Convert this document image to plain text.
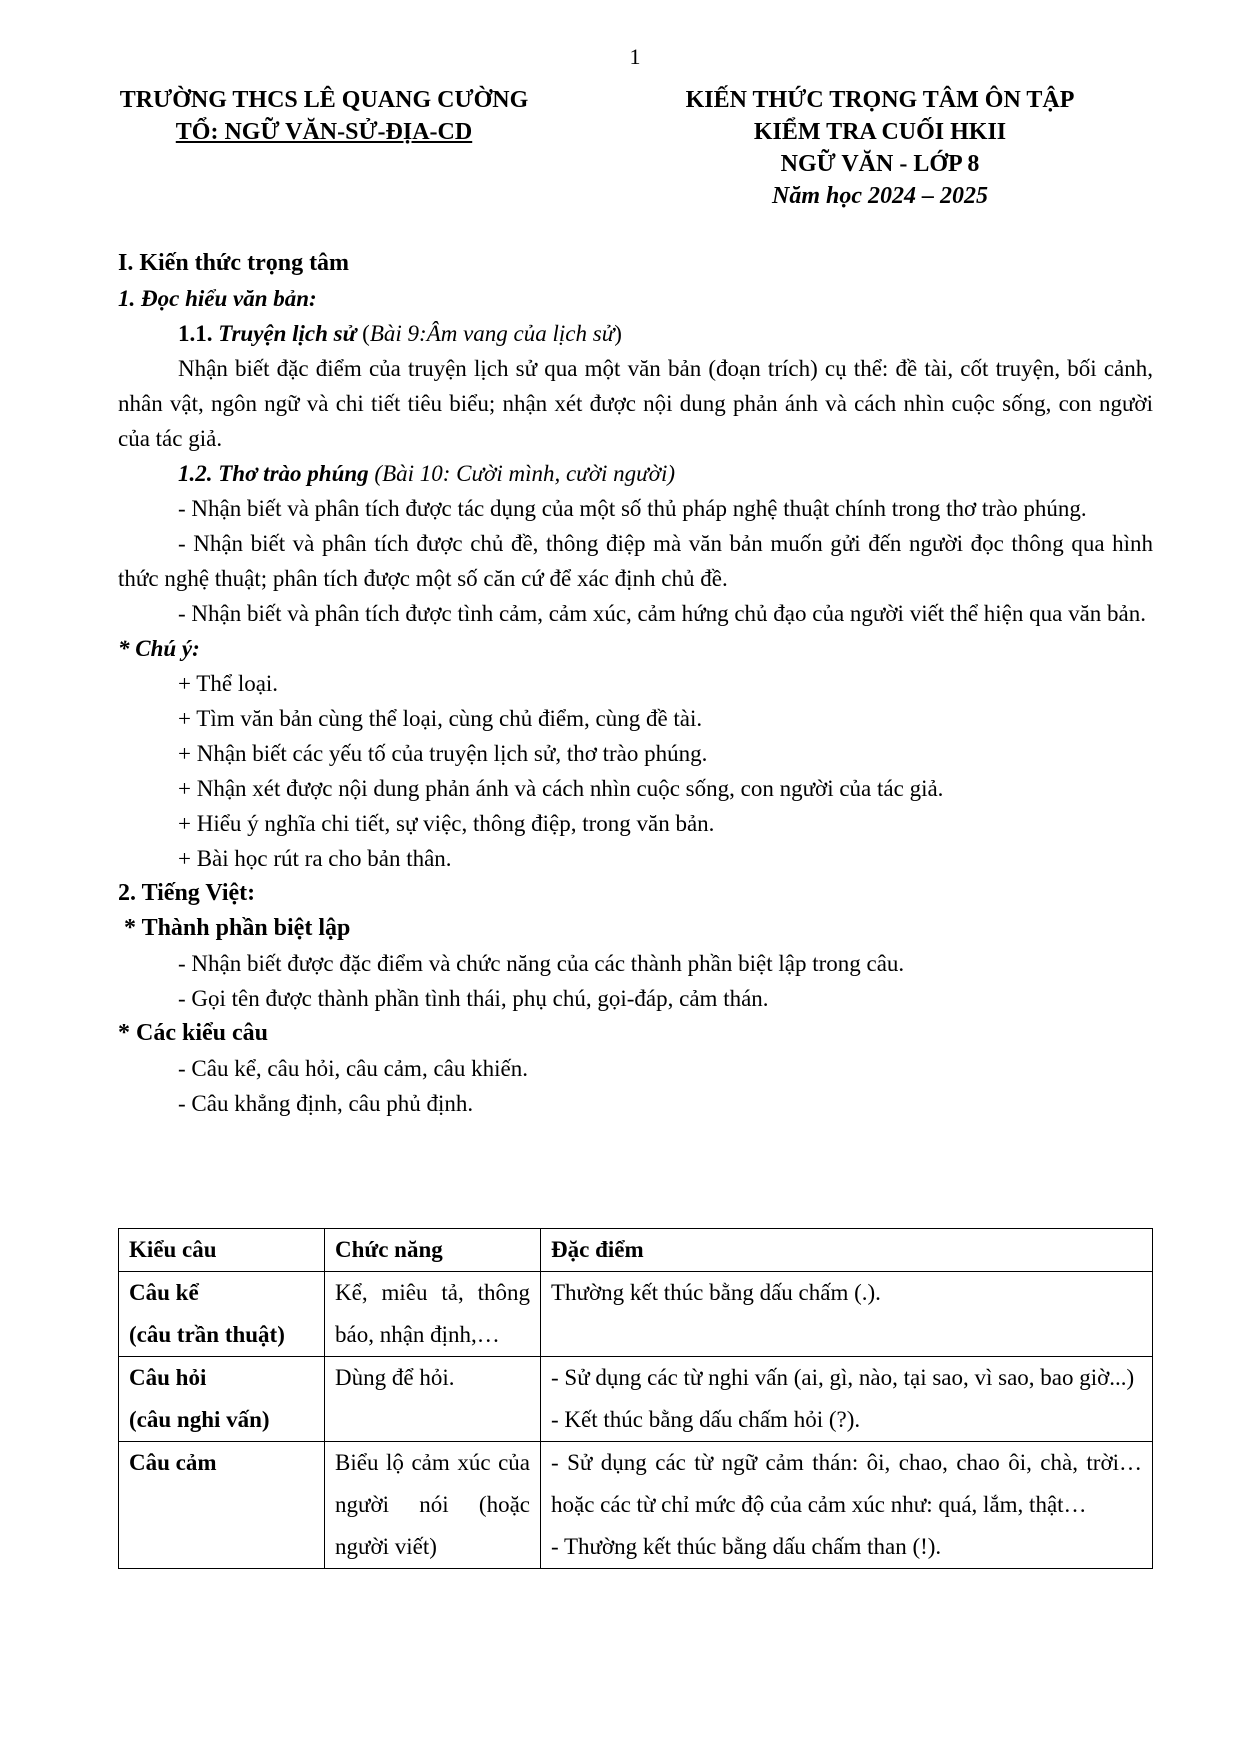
1
TRƯỜNG THCS LÊ QUANG CƯỜNG
TỔ: NGỮ VĂN-SỬ-ĐỊA-CD
KIẾN THỨC TRỌNG TÂM ÔN TẬP
KIỂM TRA CUỐI HKII
NGỮ VĂN - LỚP 8
Năm học 2024 – 2025

I. Kiến thức trọng tâm

1. Đọc hiểu văn bản:

1.1. Truyện lịch sử (Bài 9:Âm vang của lịch sử)

Nhận biết đặc điểm của truyện lịch sử qua một văn bản (đoạn trích) cụ thể: đề tài, cốt truyện, bối cảnh, nhân vật, ngôn ngữ và chi tiết tiêu biểu; nhận xét được nội dung phản ánh và cách nhìn cuộc sống, con người của tác giả.

1.2. Thơ trào phúng (Bài 10: Cười mình, cười người)

- Nhận biết và phân tích được tác dụng của một số thủ pháp nghệ thuật chính trong thơ trào phúng.

- Nhận biết và phân tích được chủ đề, thông điệp mà văn bản muốn gửi đến người đọc thông qua hình thức nghệ thuật; phân tích được một số căn cứ để xác định chủ đề.

- Nhận biết và phân tích được tình cảm, cảm xúc, cảm hứng chủ đạo của người viết thể hiện qua văn bản.

* Chú ý:

+ Thể loại.

+ Tìm văn bản cùng thể loại, cùng chủ điểm, cùng đề tài.

+ Nhận biết các yếu tố của truyện lịch sử, thơ trào phúng.

+ Nhận xét được nội dung phản ánh và cách nhìn cuộc sống, con người của tác giả.

+ Hiểu ý nghĩa chi tiết, sự việc, thông điệp, trong văn bản.

+ Bài học rút ra cho bản thân.

2. Tiếng Việt:

* Thành phần biệt lập

- Nhận biết được đặc điểm và chức năng của các thành phần biệt lập trong câu.

- Gọi tên được thành phần tình thái, phụ chú, gọi-đáp, cảm thán.

* Các kiểu câu

- Câu kể, câu hỏi, câu cảm, câu khiến.

- Câu khẳng định, câu phủ định.

Kiểu câu	Chức năng	Đặc điểm

Câu kể
(câu trần thuật)	Kể, miêu tả, thông báo, nhận định,…	Thường kết thúc bằng dấu chấm (.).

Câu hỏi
(câu nghi vấn)	Dùng để hỏi.	- Sử dụng các từ nghi vấn (ai, gì, nào, tại sao, vì sao, bao giờ...)
- Kết thúc bằng dấu chấm hỏi (?).

Câu cảm	Biểu lộ cảm xúc của người nói (hoặc người viết)	- Sử dụng các từ ngữ cảm thán: ôi, chao, chao ôi, chà, trời…hoặc các từ chỉ mức độ của cảm xúc như: quá, lắm, thật…
- Thường kết thúc bằng dấu chấm than (!).
